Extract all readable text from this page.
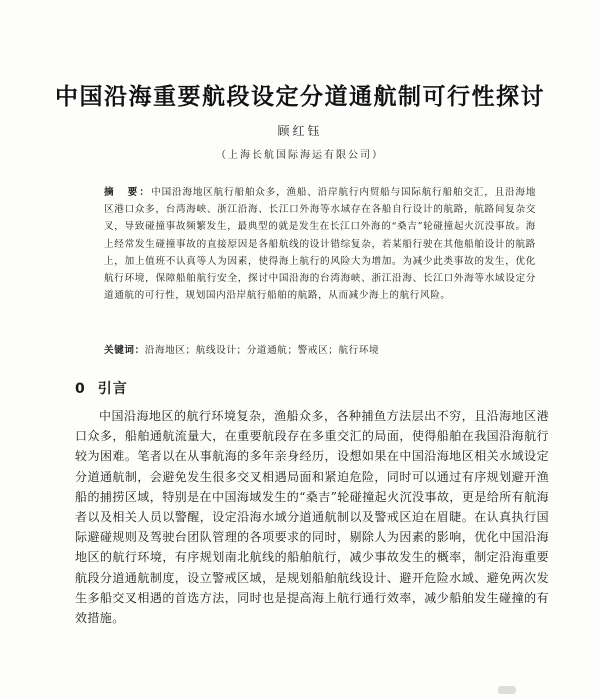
中国沿海重要航段设定分道通航制可行性探讨
顾红钰
（上海长航国际海运有限公司）
摘　要：中国沿海地区航行船舶众多，渔船、沿岸航行内贸船与国际航行船舶交汇，且沿海地区港口众多，台湾海峡、浙江沿海、长江口外海等水域存在各船自行设计的航路，航路间复杂交叉，导致碰撞事故频繁发生，最典型的就是发生在长江口外海的“桑吉”轮碰撞起火沉没事故。海上经常发生碰撞事故的直接原因是各船航线的设计错综复杂，若某船行驶在其他船舶设计的航路上，加上值班不认真等人为因素，使得海上航行的风险大为增加。为减少此类事故的发生，优化航行环境，保障船舶航行安全，探讨中国沿海的台湾海峡、浙江沿海、长江口外海等水域设定分道通航的可行性，规划国内沿岸航行船舶的航路，从而减少海上的航行风险。
关键词：沿海地区；航线设计；分道通航；警戒区；航行环境
0 引言
中国沿海地区的航行环境复杂，渔船众多，各种捕鱼方法层出不穷，且沿海地区港口众多，船舶通航流量大，在重要航段存在多重交汇的局面，使得船舶在我国沿海航行较为困难。笔者以在从事航海的多年亲身经历，设想如果在中国沿海地区相关水域设定分道通航制，会避免发生很多交叉相遇局面和紧迫危险，同时可以通过有序规划避开渔船的捕捞区域，特别是在中国海域发生的“桑吉”轮碰撞起火沉没事故，更是给所有航海者以及相关人员以警醒，设定沿海水域分道通航制以及警戒区迫在眉睫。在认真执行国际避碰规则及驾驶台团队管理的各项要求的同时，剔除人为因素的影响，优化中国沿海地区的航行环境，有序规划南北航线的船舶航行，减少事故发生的概率，制定沿海重要航段分道通航制度，设立警戒区域，是规划船舶航线设计、避开危险水域、避免两次发生多船交叉相遇的首选方法，同时也是提高海上航行通行效率，减少船舶发生碰撞的有效措施。
